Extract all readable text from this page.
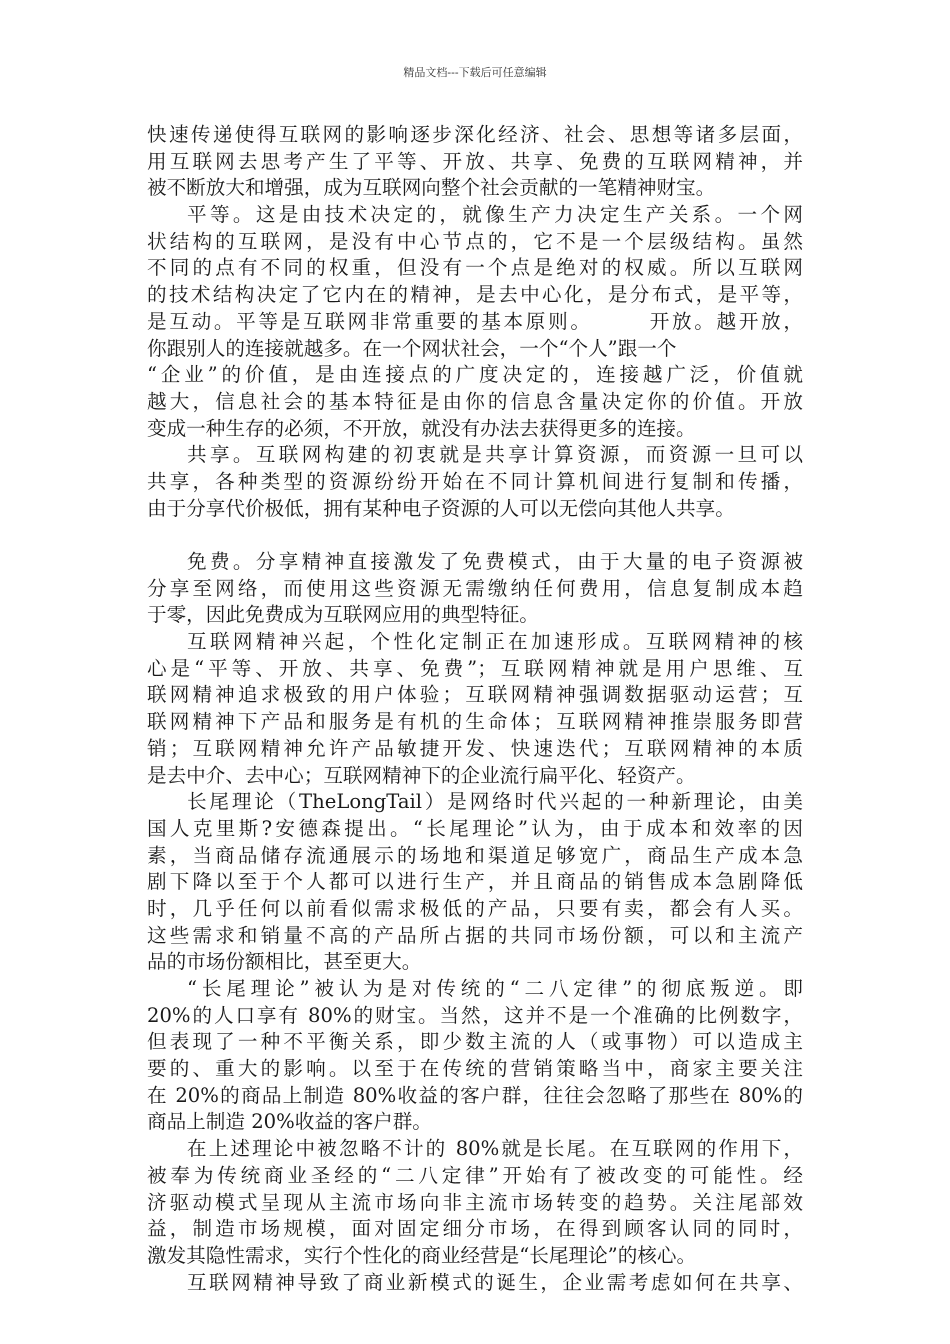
精品文档---下载后可任意编辑
快速传递使得互联网的影响逐步深化经济、社会、思想等诸多层面，
用互联网去思考产生了平等、开放、共享、免费的互联网精神，并
被不断放大和增强，成为互联网向整个社会贡献的一笔精神财宝。
平等。这是由技术决定的，就像生产力决定生产关系。一个网
状结构的互联网，是没有中心节点的，它不是一个层级结构。虽然
不同的点有不同的权重，但没有一个点是绝对的权威。所以互联网
的技术结构决定了它内在的精神，是去中心化，是分布式，是平等，
是互动。平等是互联网非常重要的基本原则。　　　开放。越开放，
你跟别人的连接就越多。在一个网状社会，一个“个人”跟一个
“企业”的价值，是由连接点的广度决定的，连接越广泛，价值就
越大，信息社会的基本特征是由你的信息含量决定你的价值。开放
变成一种生存的必须，不开放，就没有办法去获得更多的连接。
共享。互联网构建的初衷就是共享计算资源，而资源一旦可以
共享，各种类型的资源纷纷开始在不同计算机间进行复制和传播，
由于分享代价极低，拥有某种电子资源的人可以无偿向其他人共享。
免费。分享精神直接激发了免费模式，由于大量的电子资源被
分享至网络，而使用这些资源无需缴纳任何费用，信息复制成本趋
于零，因此免费成为互联网应用的典型特征。
互联网精神兴起，个性化定制正在加速形成。互联网精神的核
心是“平等、开放、共享、免费”；互联网精神就是用户思维、互
联网精神追求极致的用户体验；互联网精神强调数据驱动运营；互
联网精神下产品和服务是有机的生命体；互联网精神推崇服务即营
销；互联网精神允许产品敏捷开发、快速迭代；互联网精神的本质
是去中介、去中心；互联网精神下的企业流行扁平化、轻资产。
长尾理论（TheLongTail）是网络时代兴起的一种新理论，由美
国人克里斯?安德森提出。“长尾理论”认为，由于成本和效率的因
素，当商品储存流通展示的场地和渠道足够宽广，商品生产成本急
剧下降以至于个人都可以进行生产，并且商品的销售成本急剧降低
时，几乎任何以前看似需求极低的产品，只要有卖，都会有人买。
这些需求和销量不高的产品所占据的共同市场份额，可以和主流产
品的市场份额相比，甚至更大。
“长尾理论”被认为是对传统的“二八定律”的彻底叛逆。即
20%的人口享有 80%的财宝。当然，这并不是一个准确的比例数字，
但表现了一种不平衡关系，即少数主流的人（或事物）可以造成主
要的、重大的影响。以至于在传统的营销策略当中，商家主要关注
在 20%的商品上制造 80%收益的客户群，往往会忽略了那些在 80%的
商品上制造 20%收益的客户群。
在上述理论中被忽略不计的 80%就是长尾。在互联网的作用下，
被奉为传统商业圣经的“二八定律”开始有了被改变的可能性。经
济驱动模式呈现从主流市场向非主流市场转变的趋势。关注尾部效
益，制造市场规模，面对固定细分市场，在得到顾客认同的同时，
激发其隐性需求，实行个性化的商业经营是“长尾理论”的核心。
互联网精神导致了商业新模式的诞生，企业需考虑如何在共享、
